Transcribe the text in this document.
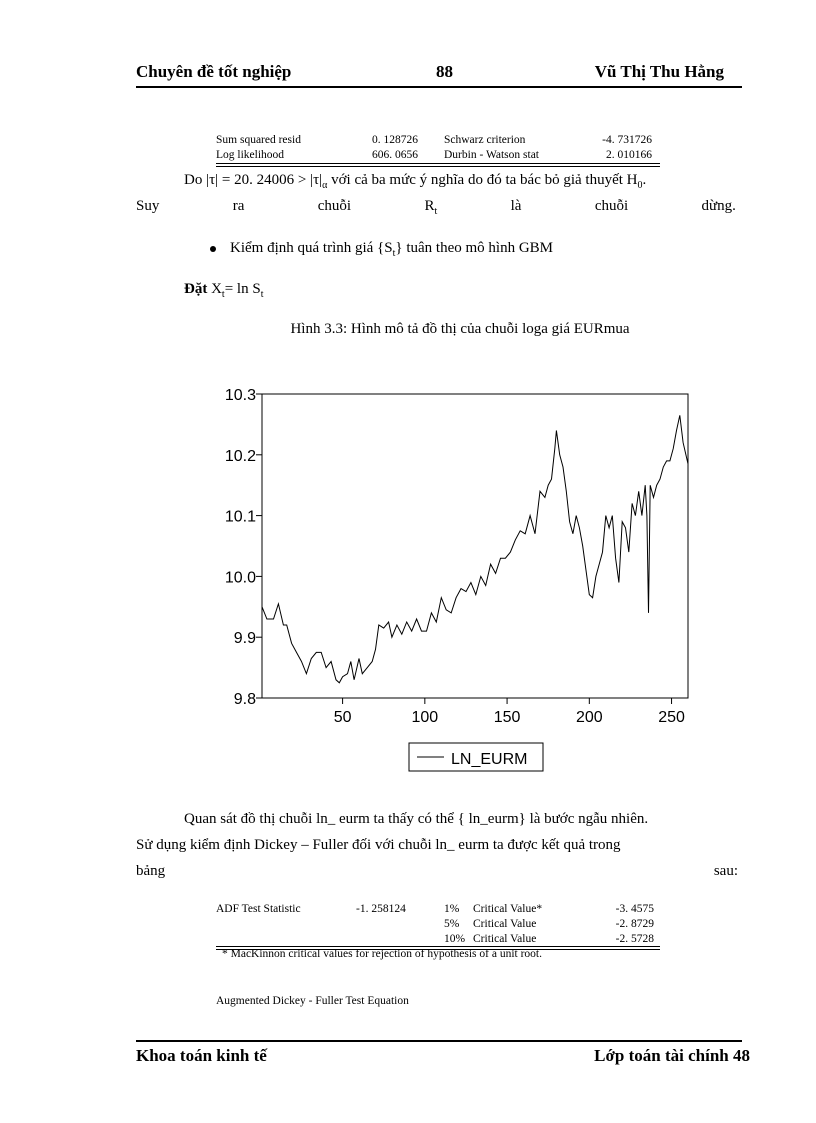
Chuyên đề tốt nghiệp	88	Vũ Thị Thu Hằng
Sum squared resid	0. 128726 Schwarz criterion	-4. 731726
Log likelihood	606. 0656 Durbin - Watson stat	2. 010166
Do |τ| = 20. $24006 > |\tau|_\alpha$ với cả ba mức ý nghĩa do đó ta bác bỏ giả thuyết $H_0$.
Suy	ra	chuỗi	$R_t$	là	chuỗi	dừng.
Kiểm định quá trình giá $\{S_t\}$ tuân theo mô hình GBM
Đặt $X_t= \ln S_t$
Hình 3.3: Hình mô tả đồ thị của chuỗi loga giá EURmua
9.8
9.9
10.0
10.1
10.2
10.3
50	100	150	200	250
LN_EURM
Quan sát đồ thị chuỗi ln_ eurm ta thấy có thể { ln_eurm} là bước ngẫu nhiên.
Sử dụng kiểm định Dickey – Fuller đối với chuỗi ln_ eurm ta được kết quả trong
bảng	sau:
ADF Test Statistic	-1. 258124	1% Critical Value*	-3. 4575
5% Critical Value	-2. 8729
10% Critical Value	-2. 5728
* MacKinnon critical values for rejection of hypothesis of a unit root.
Augmented Dickey - Fuller Test Equation
Khoa toán kinh tế	Lớp toán tài chính 48
